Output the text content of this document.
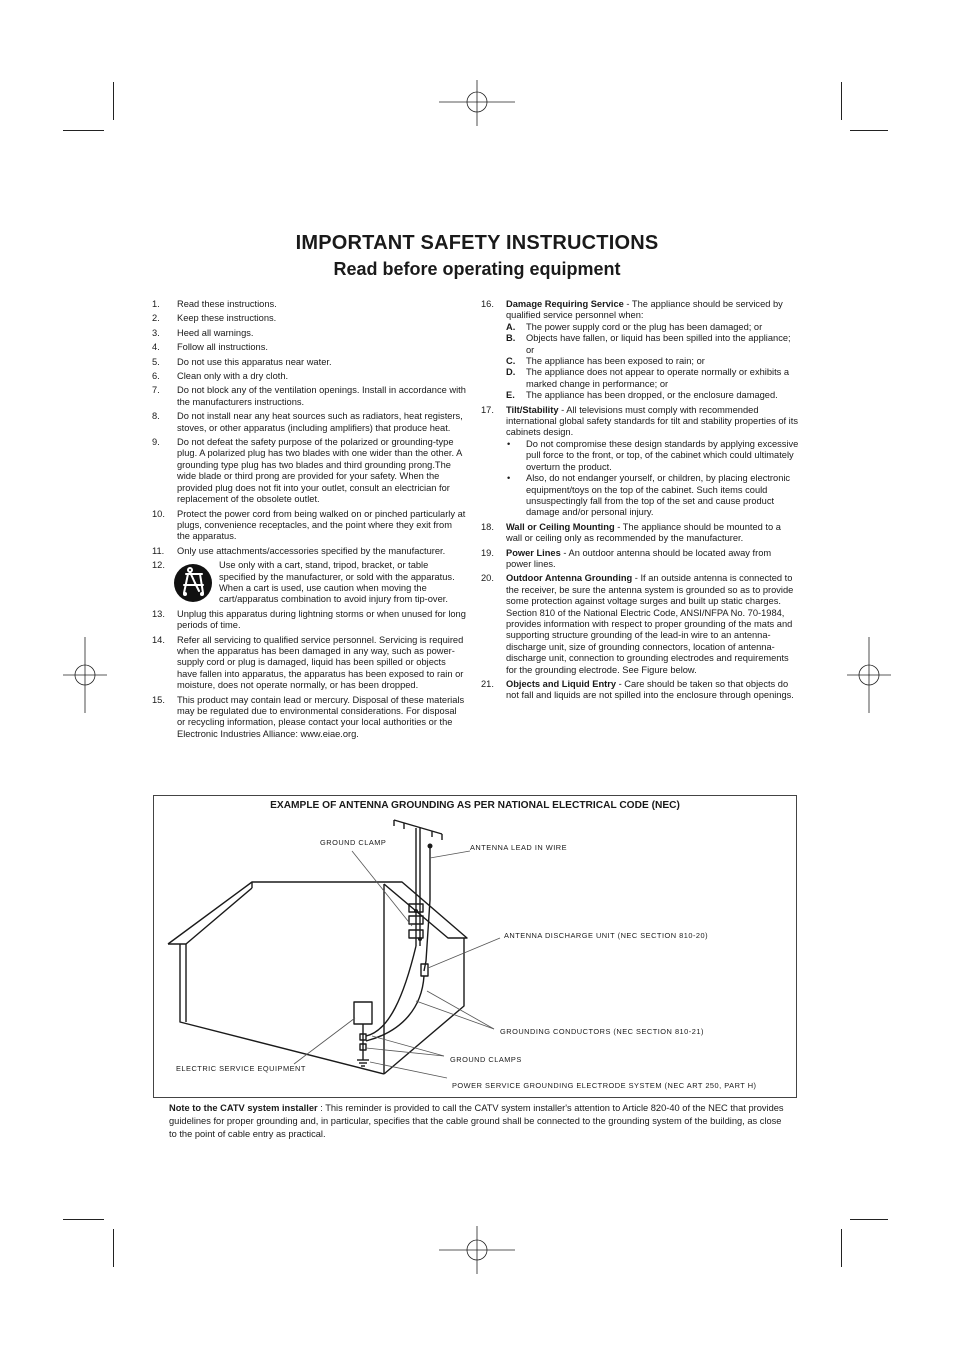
IMPORTANT SAFETY INSTRUCTIONS
Read before operating equipment
1. Read these instructions.
2. Keep these instructions.
3. Heed all warnings.
4. Follow all instructions.
5. Do not use this apparatus near water.
6. Clean only with a dry cloth.
7. Do not block any of the ventilation openings. Install in accordance with the manufacturers instructions.
8. Do not install near any heat sources such as radiators, heat registers, stoves, or other apparatus (including amplifiers) that produce heat.
9. Do not defeat the safety purpose of the polarized or grounding-type plug. A polarized plug has two blades with one wider than the other. A grounding type plug has two blades and third grounding prong.The wide blade or third prong are provided for your safety. When the provided plug does not fit into your outlet, consult an electrician for replacement of the obsolete outlet.
10. Protect the power cord from being walked on or pinched particularly at plugs, convenience receptacles, and the point where they exit from the apparatus.
11. Only use attachments/accessories specified by the manufacturer.
12.	Use only with a cart, stand, tripod, bracket, or table specified by the manufacturer, or sold with the apparatus. When a cart is used, use caution when moving the cart/apparatus combination to avoid injury from tip-over.
13. Unplug this apparatus during lightning storms or when unused for long periods of time.
14. Refer all servicing to qualified service personnel. Servicing is required when the apparatus has been damaged in any way, such as power-supply cord or plug is damaged, liquid has been spilled or objects have fallen into apparatus, the apparatus has been exposed to rain or moisture, does not operate normally, or has been dropped.
15. This product may contain lead or mercury. Disposal of these materials may be regulated due to environmental considerations. For disposal or recycling information, please contact your local authorities or the Electronic Industries Alliance: www.eiae.org.
16. Damage Requiring Service - The appliance should be serviced by qualified service personnel when:
A. The power supply cord or the plug has been damaged; or
B. Objects have fallen, or liquid has been spilled into the appliance; or
C. The appliance has been exposed to rain; or
D. The appliance does not appear to operate normally or exhibits a marked change in performance; or
E. The appliance has been dropped, or the enclosure damaged.
17. Tilt/Stability - All televisions must comply with recommended international global safety standards for tilt and stability properties of its cabinets design.
• Do not compromise these design standards by applying excessive pull force to the front, or top, of the cabinet which could ultimately overturn the product.
• Also, do not endanger yourself, or children, by placing electronic equipment/toys on the top of the cabinet. Such items could unsuspectingly fall from the top of the set and cause product damage and/or personal injury.
18. Wall or Ceiling Mounting - The appliance should be mounted to a wall or ceiling only as recommended by the manufacturer.
19. Power Lines - An outdoor antenna should be located away from power lines.
20. Outdoor Antenna Grounding - If an outside antenna is connected to the receiver, be sure the antenna system is grounded so as to provide some protection against voltage surges and built up static charges.
Section 810 of the National Electric Code, ANSI/NFPA No. 70-1984, provides information with respect to proper grounding of the mats and supporting structure grounding of the lead-in wire to an antenna-discharge unit, size of grounding connectors, location of antenna-discharge unit, connection to grounding electrodes and requirements for the grounding electrode. See Figure below.
21. Objects and Liquid Entry - Care should be taken so that objects do not fall and liquids are not spilled into the enclosure through openings.
EXAMPLE OF ANTENNA GROUNDING AS PER NATIONAL ELECTRICAL CODE (NEC)
GROUND CLAMP
ANTENNA LEAD IN WIRE
ANTENNA DISCHARGE UNIT (NEC SECTION 810-20)
GROUNDING CONDUCTORS (NEC SECTION 810-21)
GROUND CLAMPS
ELECTRIC SERVICE EQUIPMENT
POWER SERVICE GROUNDING ELECTRODE SYSTEM (NEC ART 250, PART H)
Note to the CATV system installer : This reminder is provided to call the CATV system installer's attention to Article 820-40 of the NEC that provides guidelines for proper grounding and, in particular, specifies that the cable ground shall be connected to the grounding system of the building, as close to the point of cable entry as practical.
